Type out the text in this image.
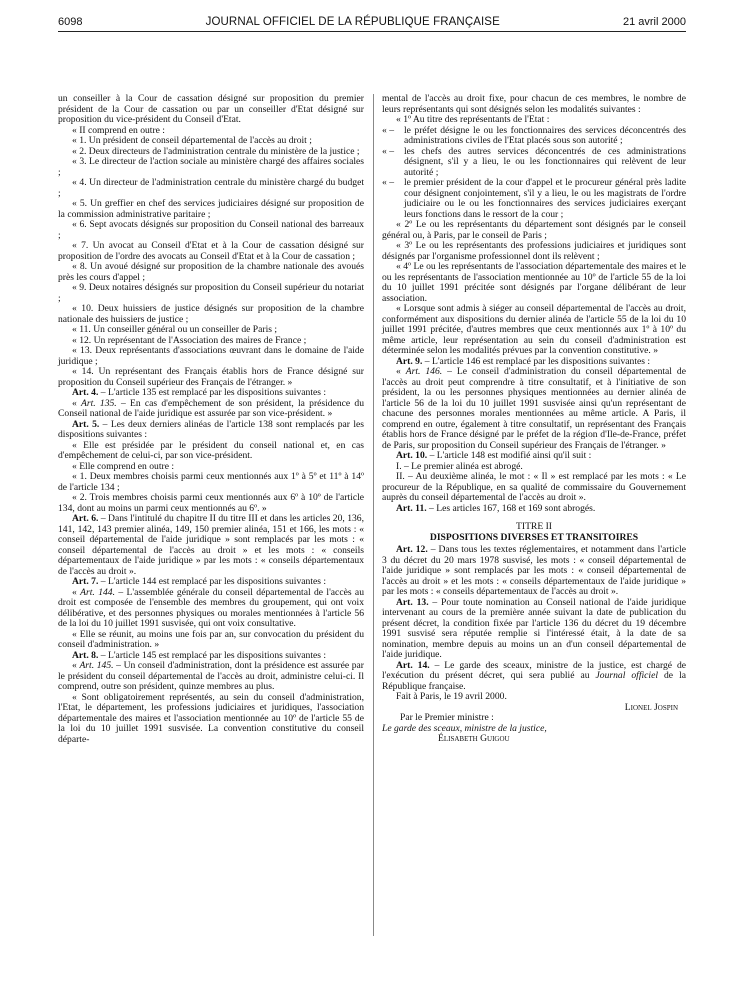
6098	JOURNAL OFFICIEL DE LA RÉPUBLIQUE FRANÇAISE	21 avril 2000

un conseiller à la Cour de cassation désigné sur proposition du premier président de la Cour de cassation ou par un conseiller d'Etat désigné sur proposition du vice-président du Conseil d'Etat.

« II comprend en outre :

« 1. Un président de conseil départemental de l'accès au droit ;

« 2. Deux directeurs de l'administration centrale du ministère de la justice ;

« 3. Le directeur de l'action sociale au ministère chargé des affaires sociales ;

« 4. Un directeur de l'administration centrale du ministère chargé du budget ;

« 5. Un greffier en chef des services judiciaires désigné sur proposition de la commission administrative paritaire ;

« 6. Sept avocats désignés sur proposition du Conseil national des barreaux ;

« 7. Un avocat au Conseil d'Etat et à la Cour de cassation désigné sur proposition de l'ordre des avocats au Conseil d'Etat et à la Cour de cassation ;

« 8. Un avoué désigné sur proposition de la chambre nationale des avoués près les cours d'appel ;

« 9. Deux notaires désignés sur proposition du Conseil supérieur du notariat ;

« 10. Deux huissiers de justice désignés sur proposition de la chambre nationale des huissiers de justice ;

« 11. Un conseiller général ou un conseiller de Paris ;

« 12. Un représentant de l'Association des maires de France ;

« 13. Deux représentants d'associations œuvrant dans le domaine de l'aide juridique ;

« 14. Un représentant des Français établis hors de France désigné sur proposition du Conseil supérieur des Français de l'étranger. »

Art. 4. – L'article 135 est remplacé par les dispositions suivantes :

« Art. 135. – En cas d'empêchement de son président, la présidence du Conseil national de l'aide juridique est assurée par son vice-président. »

Art. 5. – Les deux derniers alinéas de l'article 138 sont remplacés par les dispositions suivantes :

« Elle est présidée par le président du conseil national et, en cas d'empêchement de celui-ci, par son vice-président.

« Elle comprend en outre :

« 1. Deux membres choisis parmi ceux mentionnés aux 1º à 5º et 11º à 14º de l'article 134 ;

« 2. Trois membres choisis parmi ceux mentionnés aux 6º à 10º de l'article 134, dont au moins un parmi ceux mentionnés au 6º. »

Art. 6. – Dans l'intitulé du chapitre II du titre III et dans les articles 20, 136, 141, 142, 143 premier alinéa, 149, 150 premier alinéa, 151 et 166, les mots : « conseil départemental de l'aide juridique » sont remplacés par les mots : « conseil départemental de l'accès au droit » et les mots : « conseils départementaux de l'aide juridique » par les mots : « conseils départementaux de l'accès au droit ».

Art. 7. – L'article 144 est remplacé par les dispositions suivantes :

« Art. 144. – L'assemblée générale du conseil départemental de l'accès au droit est composée de l'ensemble des membres du groupement, qui ont voix délibérative, et des personnes physiques ou morales mentionnées à l'article 56 de la loi du 10 juillet 1991 susvisée, qui ont voix consultative.

« Elle se réunit, au moins une fois par an, sur convocation du président du conseil d'administration. »

Art. 8. – L'article 145 est remplacé par les dispositions suivantes :

« Art. 145. – Un conseil d'administration, dont la présidence est assurée par le président du conseil départemental de l'accès au droit, administre celui-ci. Il comprend, outre son président, quinze membres au plus.

« Sont obligatoirement représentés, au sein du conseil d'administration, l'Etat, le département, les professions judiciaires et juridiques, l'association départementale des maires et l'association mentionnée au 10º de l'article 55 de la loi du 10 juillet 1991 susvisée. La convention constitutive du conseil départe-

mental de l'accès au droit fixe, pour chacun de ces membres, le nombre de leurs représentants qui sont désignés selon les modalités suivantes :

« 1º Au titre des représentants de l'Etat :

« – le préfet désigne le ou les fonctionnaires des services déconcentrés des administrations civiles de l'Etat placés sous son autorité ;

« – les chefs des autres services déconcentrés de ces administrations désignent, s'il y a lieu, le ou les fonctionnaires qui relèvent de leur autorité ;

« – le premier président de la cour d'appel et le procureur général près ladite cour désignent conjointement, s'il y a lieu, le ou les magistrats de l'ordre judiciaire ou le ou les fonctionnaires des services judiciaires exerçant leurs fonctions dans le ressort de la cour ;

« 2º Le ou les représentants du département sont désignés par le conseil général ou, à Paris, par le conseil de Paris ;

« 3º Le ou les représentants des professions judiciaires et juridiques sont désignés par l'organisme professionnel dont ils relèvent ;

« 4º Le ou les représentants de l'association départementale des maires et le ou les représentants de l'association mentionnée au 10º de l'article 55 de la loi du 10 juillet 1991 précitée sont désignés par l'organe délibérant de leur association.

« Lorsque sont admis à siéger au conseil départemental de l'accès au droit, conformément aux dispositions du dernier alinéa de l'article 55 de la loi du 10 juillet 1991 précitée, d'autres membres que ceux mentionnés aux 1º à 10º du même article, leur représentation au sein du conseil d'administration est déterminée selon les modalités prévues par la convention constitutive. »

Art. 9. – L'article 146 est remplacé par les dispositions suivantes :

« Art. 146. – Le conseil d'administration du conseil départemental de l'accès au droit peut comprendre à titre consultatif, et à l'initiative de son président, la ou les personnes physiques mentionnées au dernier alinéa de l'article 56 de la loi du 10 juillet 1991 susvisée ainsi qu'un représentant de chacune des personnes morales mentionnées au même article. A Paris, il comprend en outre, également à titre consultatif, un représentant des Français établis hors de France désigné par le préfet de la région d'Ile-de-France, préfet de Paris, sur proposition du Conseil supérieur des Français de l'étranger. »

Art. 10. – L'article 148 est modifié ainsi qu'il suit :

I. – Le premier alinéa est abrogé.

II. – Au deuxième alinéa, le mot : « Il » est remplacé par les mots : « Le procureur de la République, en sa qualité de commissaire du Gouvernement auprès du conseil départemental de l'accès au droit ».

Art. 11. – Les articles 167, 168 et 169 sont abrogés.

TITRE II

DISPOSITIONS DIVERSES ET TRANSITOIRES

Art. 12. – Dans tous les textes réglementaires, et notamment dans l'article 3 du décret du 20 mars 1978 susvisé, les mots : « conseil départemental de l'aide juridique » sont remplacés par les mots : « conseil départemental de l'accès au droit » et les mots : « conseils départementaux de l'aide juridique » par les mots : « conseils départementaux de l'accès au droit ».

Art. 13. – Pour toute nomination au Conseil national de l'aide juridique intervenant au cours de la première année suivant la date de publication du présent décret, la condition fixée par l'article 136 du décret du 19 décembre 1991 susvisé sera réputée remplie si l'intéressé était, à la date de sa nomination, membre depuis au moins un an d'un conseil départemental de l'aide juridique.

Art. 14. – Le garde des sceaux, ministre de la justice, est chargé de l'exécution du présent décret, qui sera publié au Journal officiel de la République française.

Fait à Paris, le 19 avril 2000.

Lionel Jospin

Par le Premier ministre :

Le garde des sceaux, ministre de la justice,

Élisabeth Guigou
